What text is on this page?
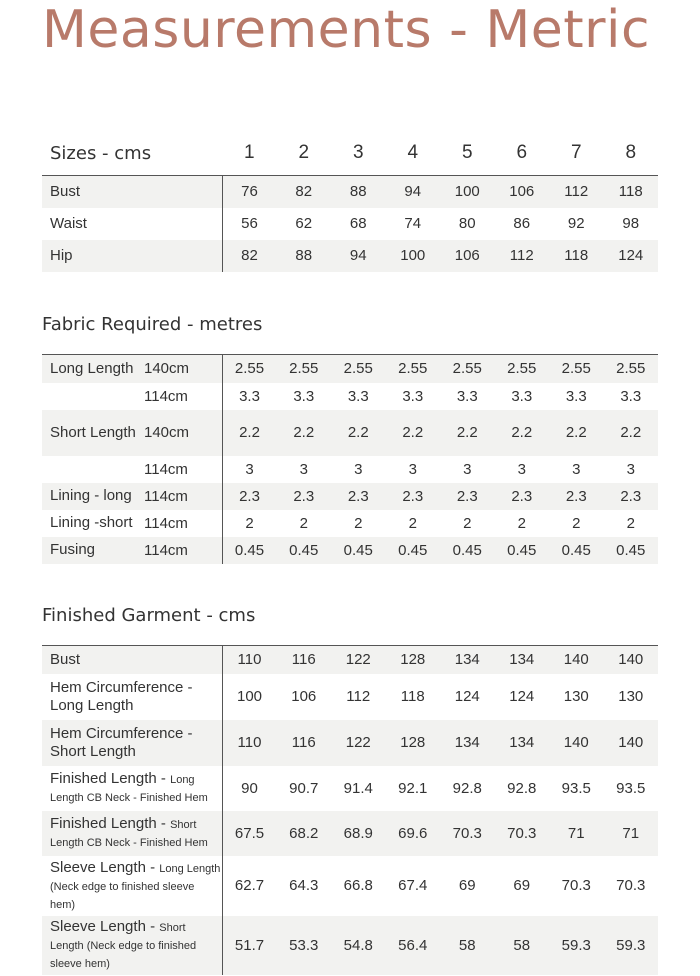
Measurements - Metric
Sizes - cms	1	2	3	4	5	6	7	8
Bust	76	82	88	94	100	106	112	118
Waist	56	62	68	74	80	86	92	98
Hip	82	88	94	100	106	112	118	124
Fabric Required - metres
Long Length	140cm	2.55	2.55	2.55	2.55	2.55	2.55	2.55	2.55
	114cm	3.3	3.3	3.3	3.3	3.3	3.3	3.3	3.3
Short Length	140cm	2.2	2.2	2.2	2.2	2.2	2.2	2.2	2.2
	114cm	3	3	3	3	3	3	3	3
Lining - long	114cm	2.3	2.3	2.3	2.3	2.3	2.3	2.3	2.3
Lining -short	114cm	2	2	2	2	2	2	2	2
Fusing	114cm	0.45	0.45	0.45	0.45	0.45	0.45	0.45	0.45
Finished Garment - cms
Bust	110	116	122	128	134	134	140	140
Hem Circumference - Long Length	100	106	112	118	124	124	130	130
Hem Circumference - Short Length	110	116	122	128	134	134	140	140
Finished Length - Long Length CB Neck - Finished Hem	90	90.7	91.4	92.1	92.8	92.8	93.5	93.5
Finished Length - Short Length CB Neck - Finished Hem	67.5	68.2	68.9	69.6	70.3	70.3	71	71
Sleeve Length - Long Length (Neck edge to finished sleeve hem)	62.7	64.3	66.8	67.4	69	69	70.3	70.3
Sleeve Length - Short Length (Neck edge to finished sleeve hem)	51.7	53.3	54.8	56.4	58	58	59.3	59.3
